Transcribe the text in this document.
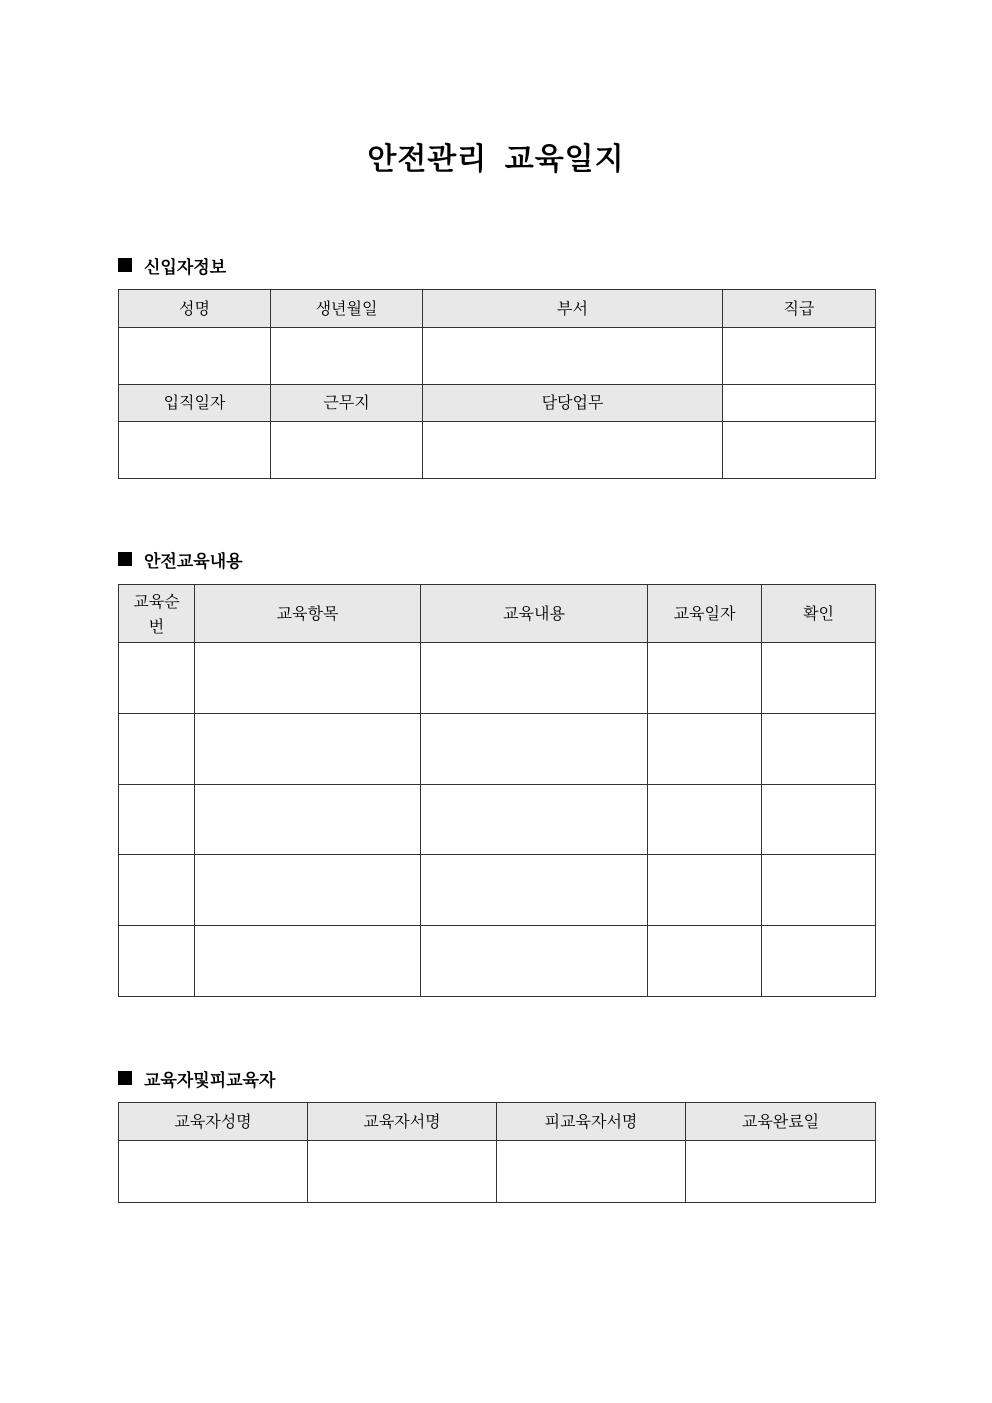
안전관리 교육일지
신입자정보
성명	생년월일	부서	직급

입직일자	근무지	담당업무	

안전교육내용
교육순번	교육항목	교육내용	교육일자	확인

교육자및피교육자
교육자성명	교육자서명	피교육자서명	교육완료일
